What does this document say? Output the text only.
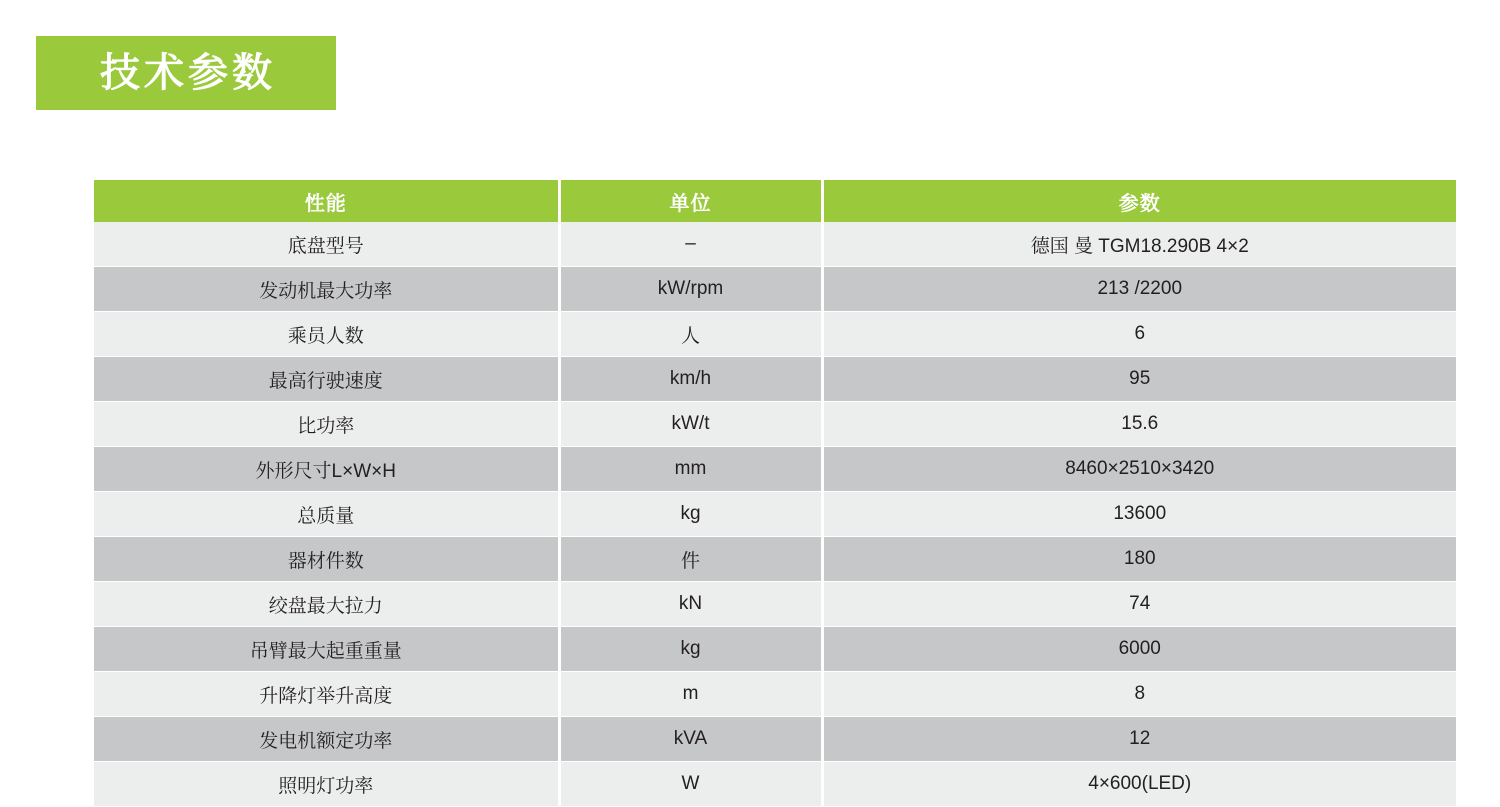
技术参数
性能	单位	参数
底盘型号	–	德国 曼 TGM18.290B 4×2
发动机最大功率	kW/rpm	213 /2200
乘员人数	人	6
最高行驶速度	km/h	95
比功率	kW/t	15.6
外形尺寸L×W×H	mm	8460×2510×3420
总质量	kg	13600
器材件数	件	180
绞盘最大拉力	kN	74
吊臂最大起重重量	kg	6000
升降灯举升高度	m	8
发电机额定功率	kVA	12
照明灯功率	W	4×600(LED)
